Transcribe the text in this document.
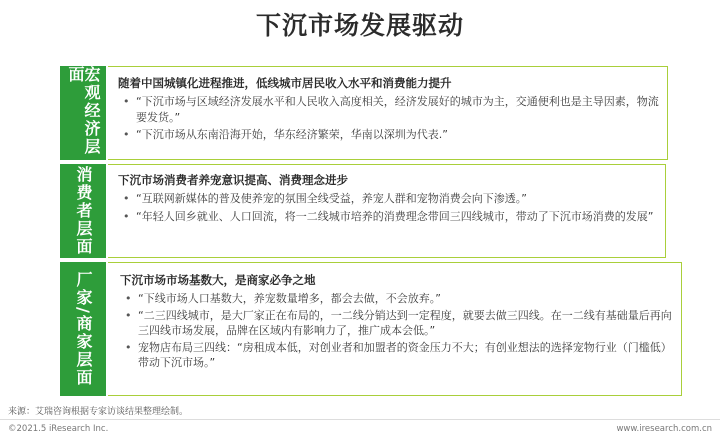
下沉市场发展驱动
宏观经济层面	随着中国城镇化进程推进，低线城市居民收入水平和消费能力提升
• “下沉市场与区域经济发展水平和人民收入高度相关，经济发展好的城市为主，交通便利也是主导因素，物流要发货。”
• “下沉市场从东南沿海开始，华东经济繁荣，华南以深圳为代表.”
消费者层面	下沉市场消费者养宠意识提高、消费理念进步
• “互联网新媒体的普及使养宠的氛围全线受益，养宠人群和宠物消费会向下渗透。”
• “年轻人回乡就业、人口回流，将一二线城市培养的消费理念带回三四线城市，带动了下沉市场消费的发展”
厂家/商家层面	下沉市场市场基数大，是商家必争之地
• “下线市场人口基数大，养宠数量增多，都会去做，不会放弃。”
• “二三四线城市，是大厂家正在布局的，一二线分销达到一定程度，就要去做三四线。在一二线有基础量后再向三四线市场发展，品牌在区域内有影响力了，推广成本会低。”
• 宠物店布局三四线：“房租成本低，对创业者和加盟者的资金压力不大；有创业想法的选择宠物行业（门槛低）带动下沉市场。”
来源：艾瑞咨询根据专家访谈结果整理绘制。
©2021.5 iResearch Inc.	www.iresearch.com.cn
